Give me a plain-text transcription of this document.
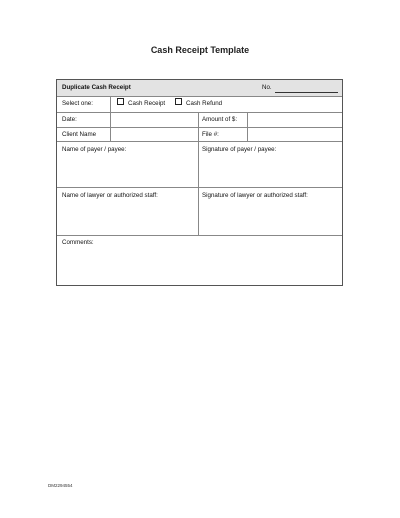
Cash Receipt Template
Duplicate Cash Receipt	No.
Select one:	Cash Receipt	Cash Refund
Date:	Amount of $:
Client Name	File #:
Name of payer / payee:	Signature of payer / payee:
Name of lawyer or authorized staff:	Signature of lawyer or authorized staff:
Comments:
DM2294554
